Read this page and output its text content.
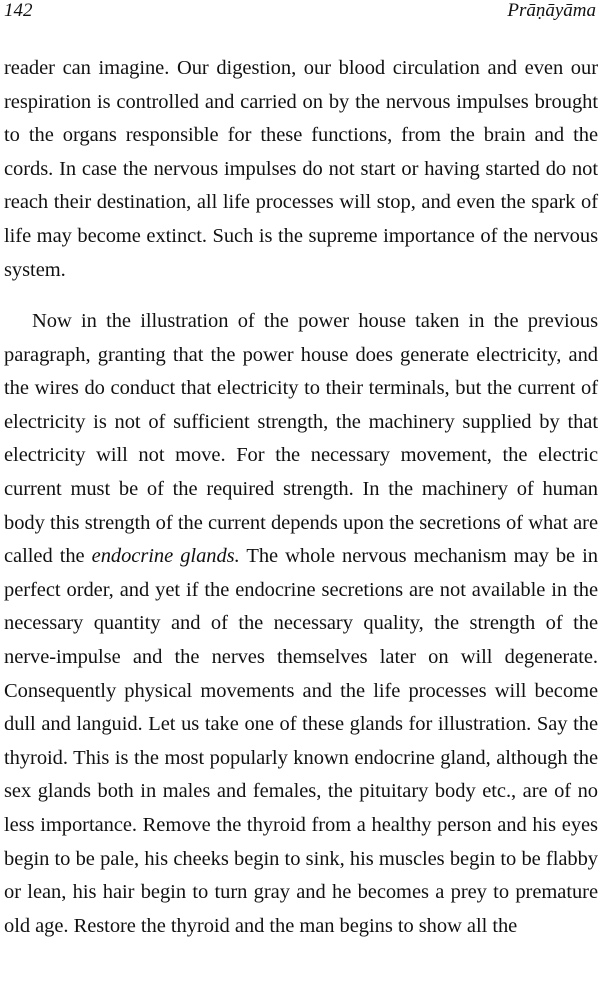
142	Prāṇāyāma

reader can imagine. Our digestion, our blood circulation and even our respiration is controlled and carried on by the nervous impulses brought to the organs responsible for these functions, from the brain and the cords. In case the nervous impulses do not start or having started do not reach their destination, all life processes will stop, and even the spark of life may become extinct. Such is the supreme importance of the nervous system.

Now in the illustration of the power house taken in the previous paragraph, granting that the power house does generate electricity, and the wires do conduct that electricity to their terminals, but the current of electricity is not of sufficient strength, the machinery supplied by that electricity will not move. For the necessary movement, the electric current must be of the required strength. In the machinery of human body this strength of the current depends upon the secretions of what are called the endocrine glands. The whole nervous mechanism may be in perfect order, and yet if the endocrine secretions are not available in the necessary quantity and of the necessary quality, the strength of the nerve-impulse and the nerves themselves later on will degenerate. Consequently physical movements and the life processes will become dull and languid. Let us take one of these glands for illustration. Say the thyroid. This is the most popularly known endocrine gland, although the sex glands both in males and females, the pituitary body etc., are of no less importance. Remove the thyroid from a healthy person and his eyes begin to be pale, his cheeks begin to sink, his muscles begin to be flabby or lean, his hair begin to turn gray and he becomes a prey to premature old age. Restore the thyroid and the man begins to show all the
